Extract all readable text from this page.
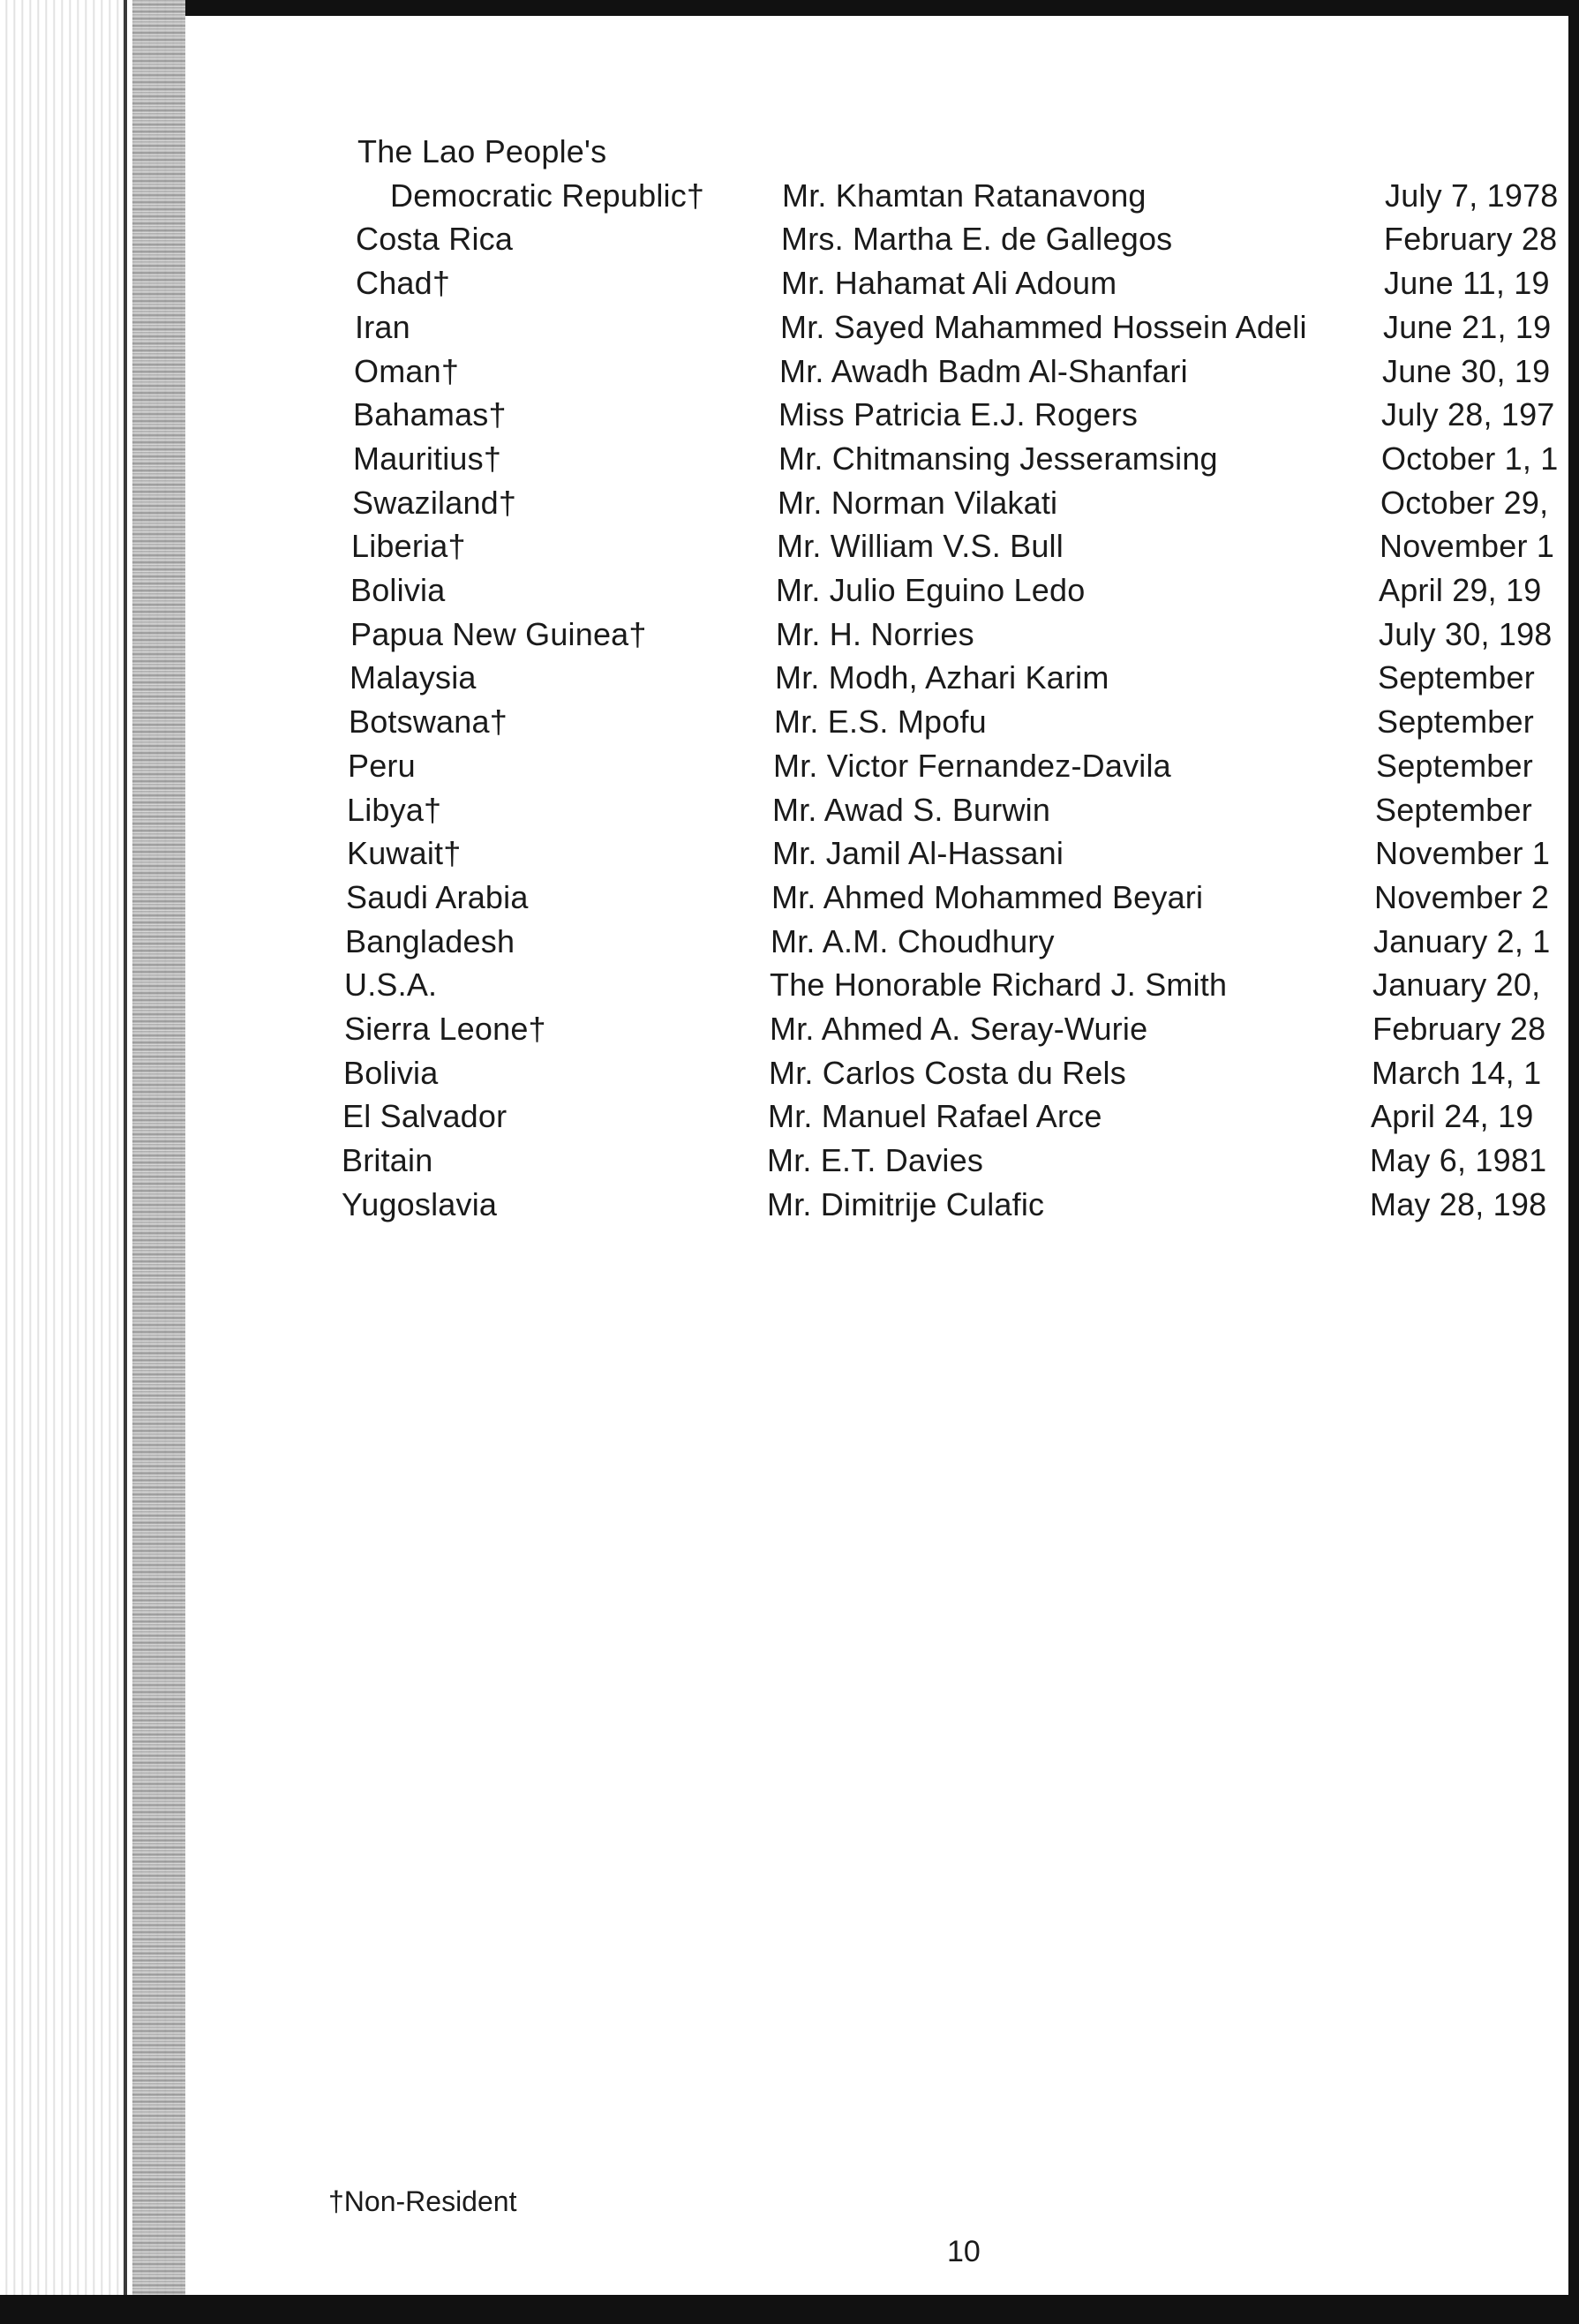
The Lao People's
Democratic Republic† Mr. Khamtan Ratanavong	July 7, 1978
Costa Rica	Mrs. Martha E. de Gallegos	February 28
Chad†	Mr. Hahamat Ali Adoum	June 11, 19
Iran	Mr. Sayed Mahammed Hossein Adeli June 21, 19
Oman†	Mr. Awadh Badm Al-Shanfari	June 30, 19
Bahamas†	Miss Patricia E.J. Rogers	July 28, 197
Mauritius†	Mr. Chitmansing Jesseramsing	October 1, 1
Swaziland†	Mr. Norman Vilakati	October 29,
Liberia†	Mr. William V.S. Bull	November 1
Bolivia	Mr. Julio Eguino Ledo	April 29, 19
Papua New Guinea†	Mr. H. Norries	July 30, 198
Malaysia	Mr. Modh, Azhari Karim	September
Botswana†	Mr. E.S. Mpofu	September
Peru	Mr. Victor Fernandez-Davila	September
Libya†	Mr. Awad S. Burwin	September
Kuwait†	Mr. Jamil Al-Hassani	November 1
Saudi Arabia	Mr. Ahmed Mohammed Beyari	November 2
Bangladesh	Mr. A.M. Choudhury	January 2, 1
U.S.A.	The Honorable Richard J. Smith	January 20,
Sierra Leone†	Mr. Ahmed A. Seray-Wurie	February 28
Bolivia	Mr. Carlos Costa du Rels	March 14, 1
El Salvador	Mr. Manuel Rafael Arce	April 24, 19
Britain	Mr. E.T. Davies	May 6, 1981
Yugoslavia	Mr. Dimitrije Culafic	May 28, 198
†Non-Resident
10
